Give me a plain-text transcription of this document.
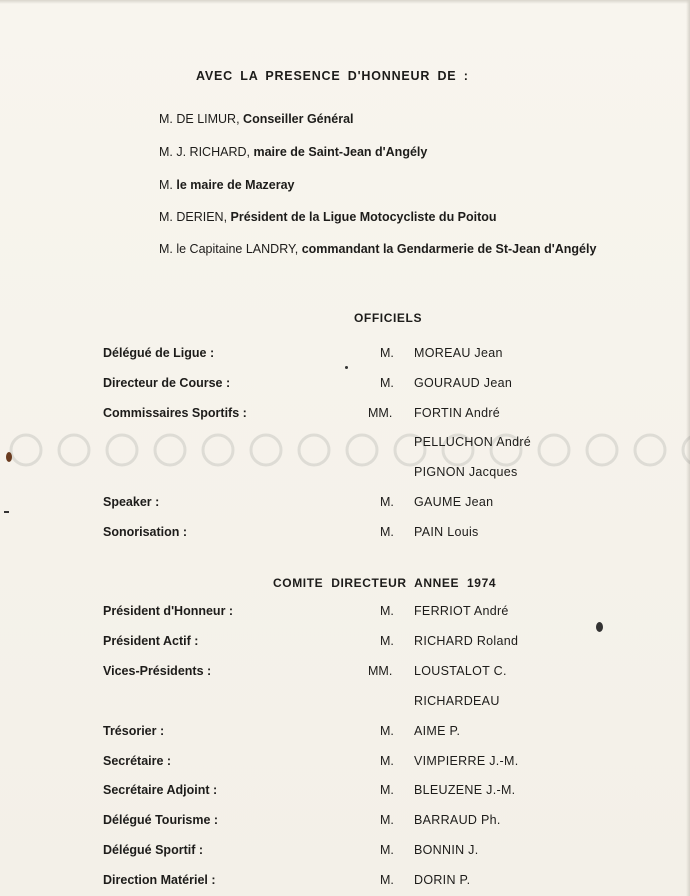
AVEC LA PRESENCE D'HONNEUR DE :
M. DE LIMUR, Conseiller Général
M. J. RICHARD, maire de Saint-Jean d'Angély
M. le maire de Mazeray
M. DERIEN, Président de la Ligue Motocycliste du Poitou
M. le Capitaine LANDRY, commandant la Gendarmerie de St-Jean d'Angély
OFFICIELS
Délégué de Ligue :	M. MOREAU Jean
Directeur de Course :	M. GOURAUD Jean
Commissaires Sportifs :	MM. FORTIN André
PELLUCHON André
PIGNON Jacques
Speaker :	M. GAUME Jean
Sonorisation :	M. PAIN Louis
COMITE DIRECTEUR ANNEE 1974
Président d'Honneur :	M. FERRIOT André
Président Actif :	M. RICHARD Roland
Vices-Présidents :	MM. LOUSTALOT C.
RICHARDEAU
Trésorier :	M. AIME P.
Secrétaire :	M. VIMPIERRE J.-M.
Secrétaire Adjoint :	M. BLEUZENE J.-M.
Délégué Tourisme :	M. BARRAUD Ph.
Délégué Sportif :	M. BONNIN J.
Direction Matériel :	M. DORIN P.
